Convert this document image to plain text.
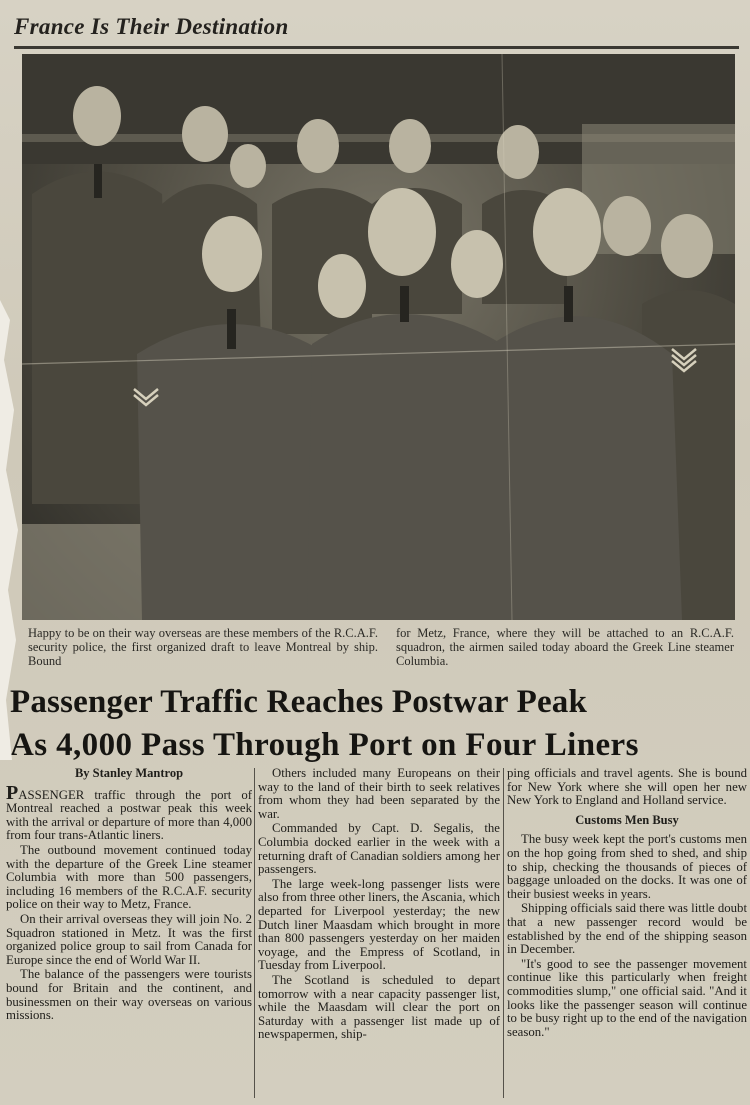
France Is Their Destination
Happy to be on their way overseas are these members of the R.C.A.F. security police, the first organized draft to leave Montreal by ship. Bound
for Metz, France, where they will be attached to an R.C.A.F. squadron, the airmen sailed today aboard the Greek Line steamer Columbia.
Passenger Traffic Reaches Postwar Peak
As 4,000 Pass Through Port on Four Liners
By Stanley Mantrop

PASSENGER traffic through the port of Montreal reached a postwar peak this week with the arrival or departure of more than 4,000 from four trans-Atlantic liners.

The outbound movement continued today with the departure of the Greek Line steamer Columbia with more than 500 passengers, including 16 members of the R.C.A.F. security police on their way to Metz, France.

On their arrival overseas they will join No. 2 Squadron stationed in Metz. It was the first organized police group to sail from Canada for Europe since the end of World War II.

The balance of the passengers were tourists bound for Britain and the continent, and businessmen on their way overseas on various missions.

Others included many Europeans on their way to the land of their birth to seek relatives from whom they had been separated by the war.

Commanded by Capt. D. Segalis, the Columbia docked earlier in the week with a returning draft of Canadian soldiers among her passengers.

The large week-long passenger lists were also from three other liners, the Ascania, which departed for Liverpool yesterday; the new Dutch liner Maasdam which brought in more than 800 passengers yesterday on her maiden voyage, and the Empress of Scotland, in Tuesday from Liverpool.

The Scotland is scheduled to depart tomorrow with a near capacity passenger list, while the Maasdam will clear the port on Saturday with a passenger list made up of newspapermen, ship-

ping officials and travel agents. She is bound for New York where she will open her new New York to England and Holland service.

Customs Men Busy

The busy week kept the port's customs men on the hop going from shed to shed, and ship to ship, checking the thousands of pieces of baggage unloaded on the docks. It was one of their busiest weeks in years.

Shipping officials said there was little doubt that a new passenger record would be established by the end of the shipping season in December.

"It's good to see the passenger movement continue like this particularly when freight commodities slump," one official said. "And it looks like the passenger season will continue to be busy right up to the end of the navigation season."
